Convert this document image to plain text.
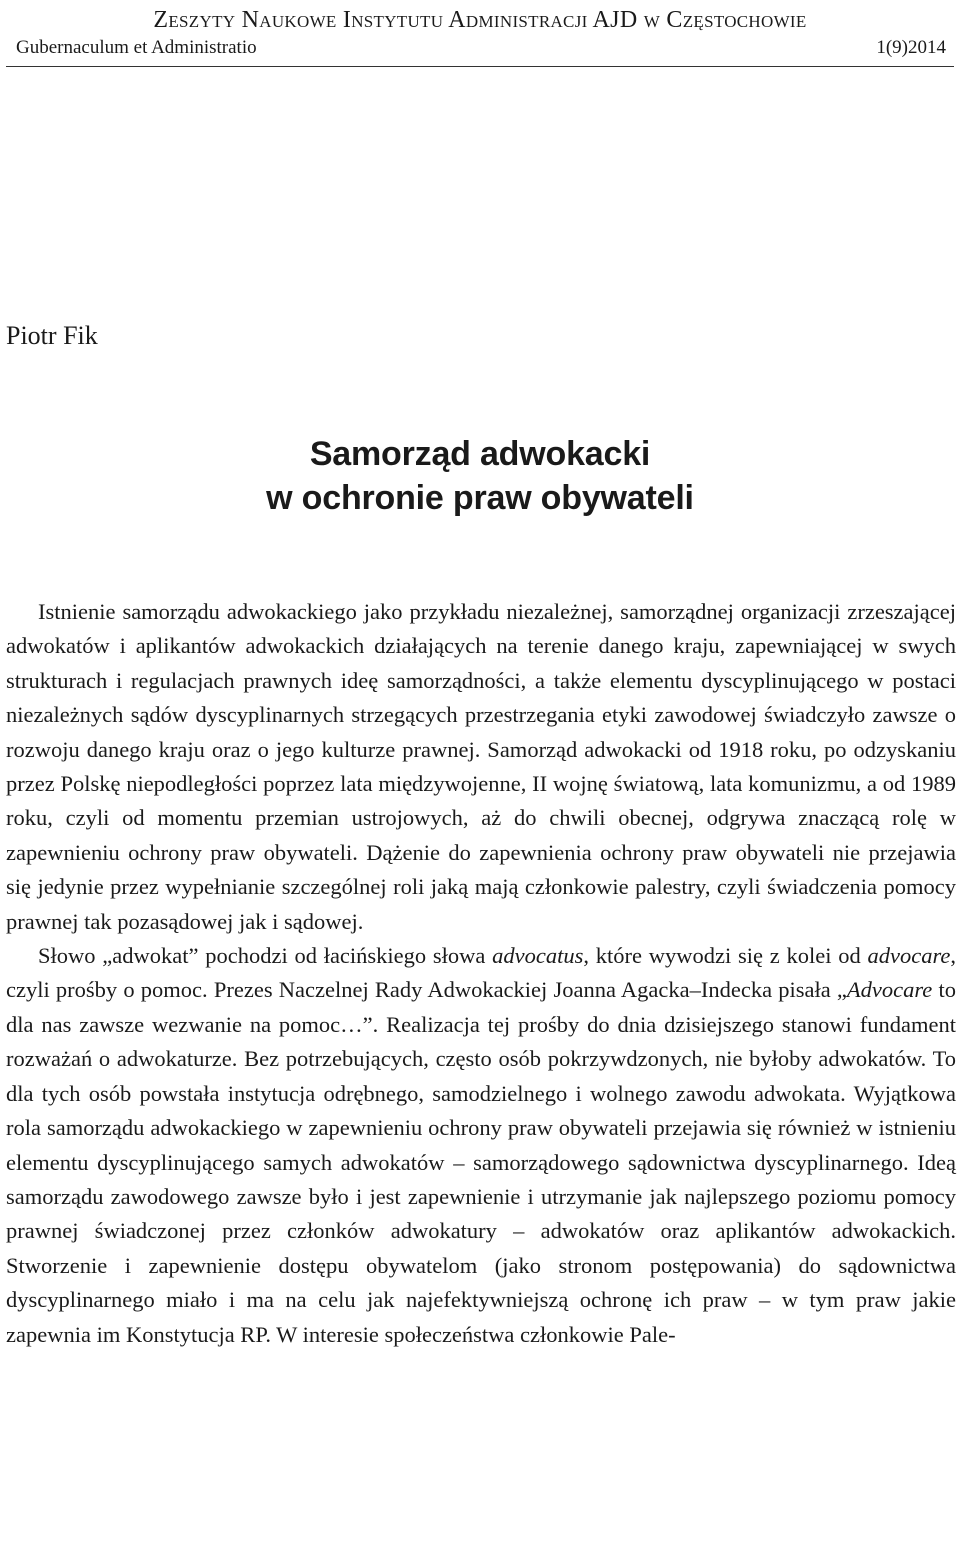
Zeszyty Naukowe Instytutu Administracji AJD w Częstochowie
Gubernaculum et Administratio	1(9)2014
Piotr Fik
Samorząd adwokacki
w ochronie praw obywateli

Istnienie samorządu adwokackiego jako przykładu niezależnej, samorządnej organizacji zrzeszającej adwokatów i aplikantów adwokackich działających na terenie danego kraju, zapewniającej w swych strukturach i regulacjach prawnych ideę samorządności, a także elementu dyscyplinującego w postaci niezależnych sądów dyscyplinarnych strzegących przestrzegania etyki zawodowej świadczyło zawsze o rozwoju danego kraju oraz o jego kulturze prawnej. Samorząd adwokacki od 1918 roku, po odzyskaniu przez Polskę niepodległości poprzez lata międzywojenne, II wojnę światową, lata komunizmu, a od 1989 roku, czyli od momentu przemian ustrojowych, aż do chwili obecnej, odgrywa znaczącą rolę w zapewnieniu ochrony praw obywateli. Dążenie do zapewnienia ochrony praw obywateli nie przejawia się jedynie przez wypełnianie szczególnej roli jaką mają członkowie palestry, czyli świadczenia pomocy prawnej tak pozasądowej jak i sądowej.

Słowo „adwokat” pochodzi od łacińskiego słowa advocatus, które wywodzi się z kolei od advocare, czyli prośby o pomoc. Prezes Naczelnej Rady Adwokackiej Joanna Agacka–Indecka pisała „Advocare to dla nas zawsze wezwanie na pomoc…”. Realizacja tej prośby do dnia dzisiejszego stanowi fundament rozważań o adwokaturze. Bez potrzebujących, często osób pokrzywdzonych, nie byłoby adwokatów. To dla tych osób powstała instytucja odrębnego, samodzielnego i wolnego zawodu adwokata. Wyjątkowa rola samorządu adwokackiego w zapewnieniu ochrony praw obywateli przejawia się również w istnieniu elementu dyscyplinującego samych adwokatów – samorządowego sądownictwa dyscyplinarnego. Ideą samorządu zawodowego zawsze było i jest zapewnienie i utrzymanie jak najlepszego poziomu pomocy prawnej świadczonej przez członków adwokatury – adwokatów oraz aplikantów adwokackich. Stworzenie i zapewnienie dostępu obywatelom (jako stronom postępowania) do sądownictwa dyscyplinarnego miało i ma na celu jak najefektywniejszą ochronę ich praw – w tym praw jakie zapewnia im Konstytucja RP. W interesie społeczeństwa członkowie Pale-
